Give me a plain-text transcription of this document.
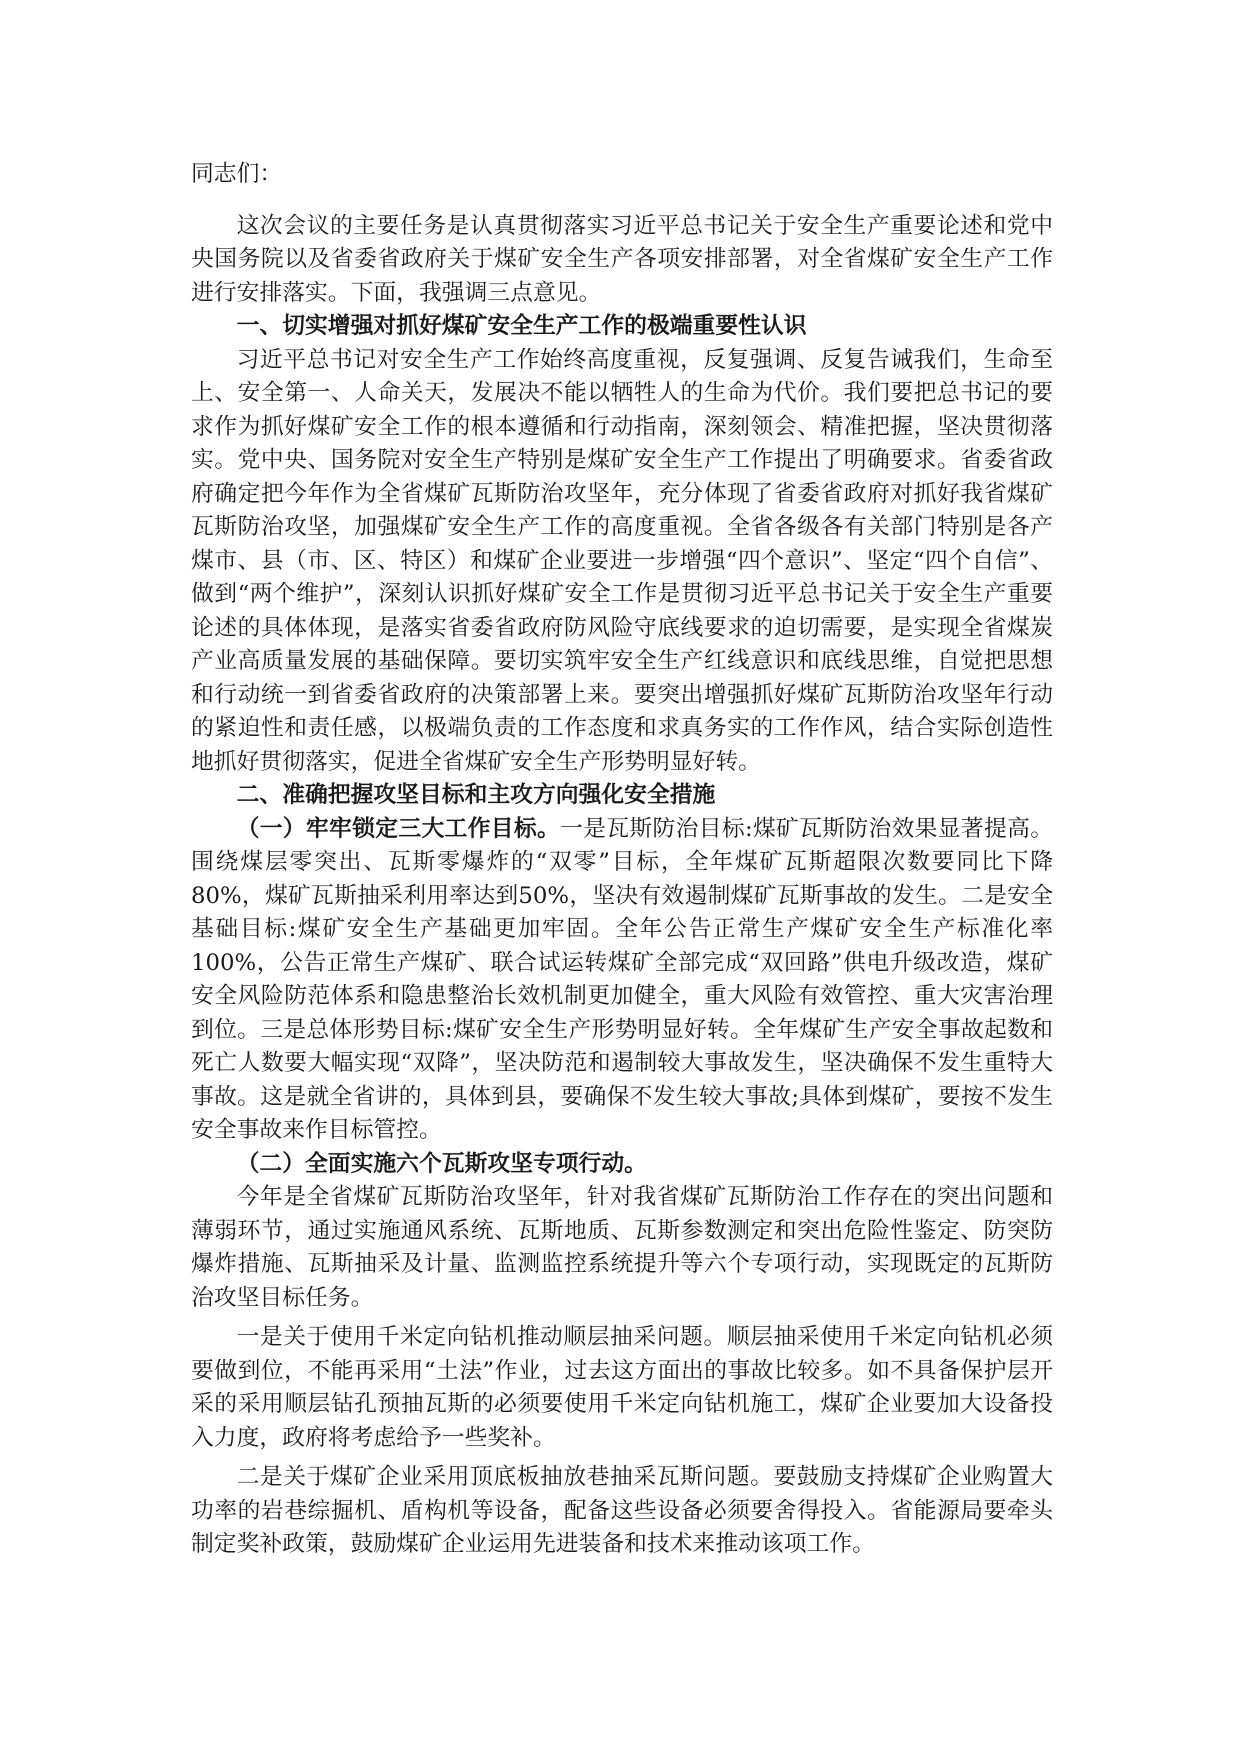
同志们：

这次会议的主要任务是认真贯彻落实习近平总书记关于安全生产重要论述和党中央国务院以及省委省政府关于煤矿安全生产各项安排部署，对全省煤矿安全生产工作进行安排落实。下面，我强调三点意见。

一、切实增强对抓好煤矿安全生产工作的极端重要性认识

习近平总书记对安全生产工作始终高度重视，反复强调、反复告诫我们，生命至上、安全第一、人命关天，发展决不能以牺牲人的生命为代价。我们要把总书记的要求作为抓好煤矿安全工作的根本遵循和行动指南，深刻领会、精准把握，坚决贯彻落实。党中央、国务院对安全生产特别是煤矿安全生产工作提出了明确要求。省委省政府确定把今年作为全省煤矿瓦斯防治攻坚年，充分体现了省委省政府对抓好我省煤矿瓦斯防治攻坚，加强煤矿安全生产工作的高度重视。全省各级各有关部门特别是各产煤市、县（市、区、特区）和煤矿企业要进一步增强“四个意识”、坚定“四个自信”、做到“两个维护”，深刻认识抓好煤矿安全工作是贯彻习近平总书记关于安全生产重要论述的具体体现，是落实省委省政府防风险守底线要求的迫切需要，是实现全省煤炭产业高质量发展的基础保障。要切实筑牢安全生产红线意识和底线思维，自觉把思想和行动统一到省委省政府的决策部署上来。要突出增强抓好煤矿瓦斯防治攻坚年行动的紧迫性和责任感，以极端负责的工作态度和求真务实的工作作风，结合实际创造性地抓好贯彻落实，促进全省煤矿安全生产形势明显好转。

二、准确把握攻坚目标和主攻方向强化安全措施

（一）牢牢锁定三大工作目标。一是瓦斯防治目标:煤矿瓦斯防治效果显著提高。围绕煤层零突出、瓦斯零爆炸的“双零”目标，全年煤矿瓦斯超限次数要同比下降80%，煤矿瓦斯抽采利用率达到50%，坚决有效遏制煤矿瓦斯事故的发生。二是安全基础目标:煤矿安全生产基础更加牢固。全年公告正常生产煤矿安全生产标准化率100%，公告正常生产煤矿、联合试运转煤矿全部完成“双回路”供电升级改造，煤矿安全风险防范体系和隐患整治长效机制更加健全，重大风险有效管控、重大灾害治理到位。三是总体形势目标:煤矿安全生产形势明显好转。全年煤矿生产安全事故起数和死亡人数要大幅实现“双降”，坚决防范和遏制较大事故发生，坚决确保不发生重特大事故。这是就全省讲的，具体到县，要确保不发生较大事故;具体到煤矿，要按不发生安全事故来作目标管控。

（二）全面实施六个瓦斯攻坚专项行动。

今年是全省煤矿瓦斯防治攻坚年，针对我省煤矿瓦斯防治工作存在的突出问题和薄弱环节，通过实施通风系统、瓦斯地质、瓦斯参数测定和突出危险性鉴定、防突防爆炸措施、瓦斯抽采及计量、监测监控系统提升等六个专项行动，实现既定的瓦斯防治攻坚目标任务。

一是关于使用千米定向钻机推动顺层抽采问题。顺层抽采使用千米定向钻机必须要做到位，不能再采用“土法”作业，过去这方面出的事故比较多。如不具备保护层开采的采用顺层钻孔预抽瓦斯的必须要使用千米定向钻机施工，煤矿企业要加大设备投入力度，政府将考虑给予一些奖补。

二是关于煤矿企业采用顶底板抽放巷抽采瓦斯问题。要鼓励支持煤矿企业购置大功率的岩巷综掘机、盾构机等设备，配备这些设备必须要舍得投入。省能源局要牵头制定奖补政策，鼓励煤矿企业运用先进装备和技术来推动该项工作。
